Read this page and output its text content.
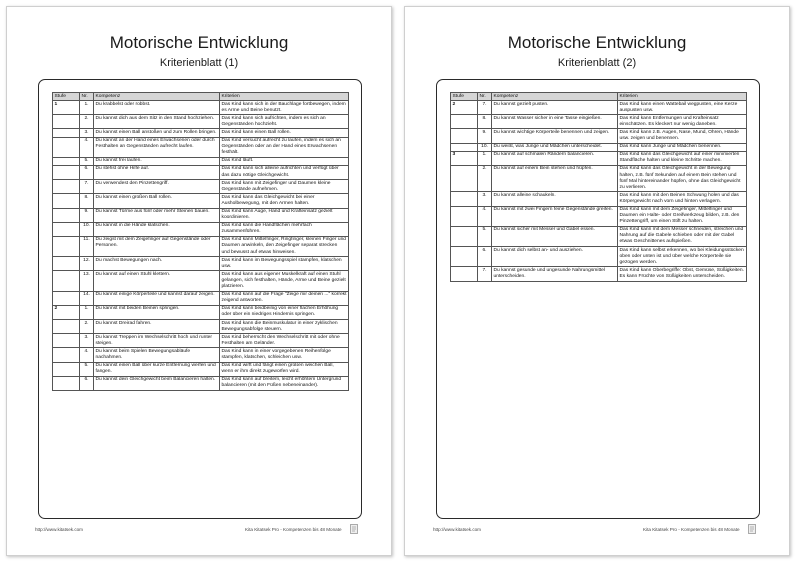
Motorische Entwicklung
Kriterienblatt (1)
Stufe	Nr.	Kompetenz	Kriterien
1	1.	Du krabbelst oder robbst.	Das Kind kann sich in der Bauchlage fortbewegen, indem es Arme und Beine benutzt.
	2.	Du kannst dich aus dem Sitz in den Stand hochziehen.	Das Kind kann sich aufrichten, indem es sich an Gegenständen hochzieht.
	3.	Du kannst einen Ball anstoßen und zum Rollen bringen.	Das Kind kann einen Ball rollen.
	4.	Du kannst an der Hand eines Erwachsenen oder durch Festhalten an Gegenständen aufrecht laufen.	Das Kind versucht aufrecht zu laufen, indem es sich an Gegenständen oder an der Hand eines Erwachsenen festhält.
	5.	Du kannst frei laufen.	Das Kind läuft.
	6.	Du stehst ohne Hilfe auf.	Das Kind kann sich alleine aufrichten und verfügt über das dazu nötige Gleichgewicht.
	7.	Du verwendest den Pinzettengriff.	Das Kind kann mit Zeigefinger und Daumen kleine Gegenstände aufnehmen.
	8.	Du kannst einen großen Ball rollen.	Das Kind kann das Gleichgewicht bei einer Ausholbewegung, mit den Armen halten.
	9.	Du kannst Türme aus fünf oder mehr Steinen bauen.	Das Kind kann Auge, Hand und Krafteinsatz gezielt koordinieren.
	10.	Du kannst in die Hände klatschen.	Das Kind kann die Handflächen mehrfach zusammenführen.
	11.	Du zeigst mit dem Zeigefinger auf Gegenstände oder Personen.	Das Kind kann Mittelfinger, Ringfinger, kleinen Finger und Daumen anwinkeln, den Zeigefinger separat strecken und bewusst auf etwas hinweisen.
	12.	Du machst Bewegungen nach.	Das Kind kann im Bewegungsspiel stampfen, klatschen usw.
	13.	Du kannst auf einen Stuhl klettern.	Das Kind kann aus eigener Muskelkraft auf einen Stuhl gelangen, sich festhalten, Hände, Arme und Beine gezielt platzieren.
	14.	Du kannst einige Körperteile und kannst darauf zeigen.	Das Kind kann auf die Frage "Zeige mir deinen ..." korrekt zeigend antworten.
2	1.	Du kannst mit beiden Beinen springen.	Das Kind kann beidbeinig von einer flachen Erhöhung oder über ein niedriges Hindernis springen.
	2.	Du kannst Dreirad fahren.	Das Kind kann die Beinmuskulatur in einer zyklischen Bewegungsabfolge steuern.
	3.	Du kannst Treppen im Wechselschritt hoch und runter steigen.	Das Kind beherrscht den Wechselschritt mit oder ohne Festhalten am Geländer.
	4.	Du kannst beim Spielen Bewegungsabläufe nachahmen.	Das Kind kann in einer vorgegebenen Reihenfolge stampfen, klatschen, schleichen usw.
	5.	Du kannst einen Ball über kurze Entfernung werfen und fangen.	Das Kind wirft und fängt einen großen weichen Ball, wenn er ihm direkt zugeworfen wird.
	6.	Du kannst dein Gleichgewicht beim Balancieren halten.	Das Kind kann auf breitem, leicht erhöhtem Untergrund balancieren (mit den Füßen nebeneinander).
http://www.kitatsek.com	Kita Kitatsek Pro - Kompetenzen bis 48 Monate
Motorische Entwicklung
Kriterienblatt (2)
Stufe	Nr.	Kompetenz	Kriterien
2	7.	Du kannst gezielt pusten.	Das Kind kann einen Wattebail wegpusten, eine Kerze auspusten usw.
	8.	Du kannst Wasser sicher in eine Tasse eingießen.	Das Kind kann Entfernungen und Krafteinsatz einschätzen. Es kleckert nur wenig daneben.
	9.	Du kannst wichtige Körperteile benennen und zeigen.	Das Kind kann z.B. Augen, Nase, Mund, Ohren, Hände usw. zeigen und benennen.
	10.	Du weißt, was Junge und Mädchen unterscheidet.	Das Kind kann Junge und Mädchen benennen.
3	1.	Du kannst auf schmalen Rändern balancieren.	Das Kind kann das Gleichgewicht auf einer minimierten Standfläche halten und kleine Schritte machen.
	2.	Du kannst auf einem Bein stehen und hüpfen.	Das Kind kann das Gleichgewicht in der Bewegung halten, z.B. fünf Sekunden auf einem Bein stehen und fünf Mal hintereinander hüpfen, ohne das Gleichgewicht zu verlieren.
	3.	Du kannst alleine schaukeln.	Das Kind kann mit den Beinen Schwung holen und das Körpergewicht nach vorn und hinten verlagern.
	4.	Du kannst mit zwei Fingern feine Gegenstände greifen.	Das Kind kann mit dem Zeigefinger, Mittelfinger und Daumen ein Halte- oder Greifwerkzeug bilden, z.B. den Pinzettengriff, um einen Stift zu halten.
	5.	Du kannst sicher mit Messer und Gabel essen.	Das Kind kann mit dem Messer schneiden, streichen und Nahrung auf die Gabele schieben oder mit der Gabel etwas Geschnittenes aufspießen.
	6.	Du kannst dich selbst an- und ausziehen.	Das Kind kann selbst erkennen, wo bei Kleidungsstücken oben oder unten ist und über welche Körperteile sie gezogen werden.
	7.	Du kannst gesunde und ungesunde Nahrungsmittel unterscheiden.	Das Kind kann Oberbegriffe: Obst, Gemüse, Süßigkeiten. Es kann Früchte von Süßigkeiten unterscheiden.
http://www.kitatsek.com	Kita Kitatsek Pro - Kompetenzen bis 48 Monate
